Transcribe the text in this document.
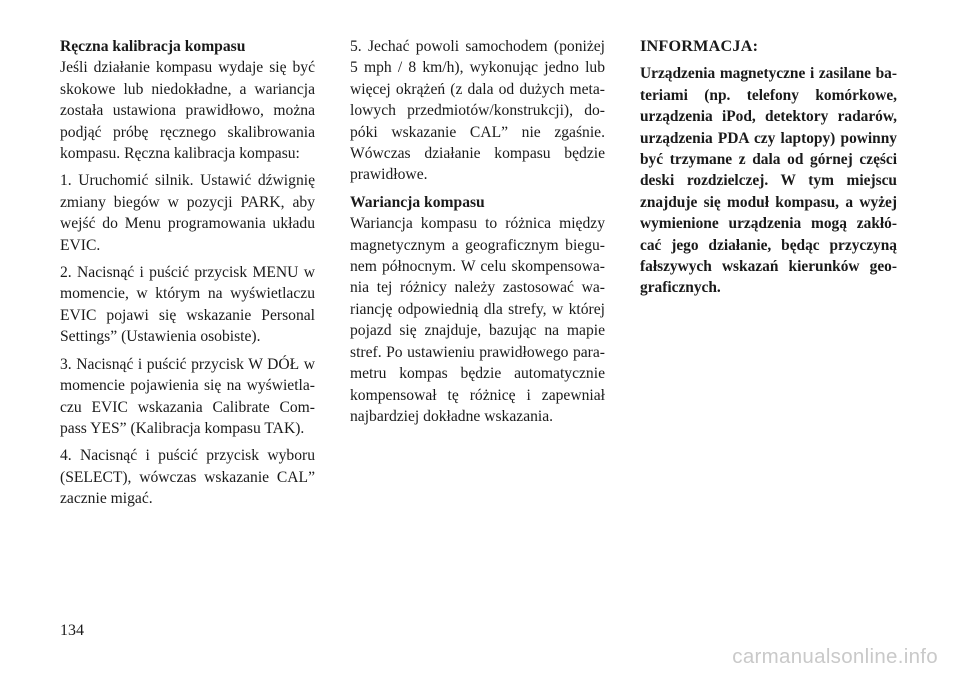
Ręczna kalibracja kompasu
Jeśli działanie kompasu wydaje się być skokowe lub niedokładne, a wariancja została ustawiona prawidłowo, można podjąć próbę ręcznego skalibrowania kompasu. Ręczna kalibracja kompasu:

1. Uruchomić silnik. Ustawić dźwignię zmiany biegów w pozycji PARK, aby wejść do Menu programowania układu EVIC.

2. Nacisnąć i puścić przycisk MENU w momencie, w którym na wyświetlaczu EVIC pojawi się wskazanie Personal Settings” (Ustawienia osobiste).

3. Nacisnąć i puścić przycisk W DÓŁ w momencie pojawienia się na wyświetla-czu EVIC wskazania Calibrate Com-pass YES” (Kalibracja kompasu TAK).

4. Nacisnąć i puścić przycisk wyboru (SELECT), wówczas wskazanie CAL” zacznie migać.

5. Jechać powoli samochodem (poniżej 5 mph / 8 km/h), wykonując jedno lub więcej okrążeń (z dala od dużych meta-lowych przedmiotów/konstrukcji), do-póki wskazanie CAL” nie zgaśnie. Wówczas działanie kompasu będzie prawidłowe.

Wariancja kompasu
Wariancja kompasu to różnica między magnetycznym a geograficznym biegu-nem północnym. W celu skompensowa-nia tej różnicy należy zastosować wa-riancję odpowiednią dla strefy, w której pojazd się znajduje, bazując na mapie stref. Po ustawieniu prawidłowego para-metru kompas będzie automatycznie kompensował tę różnicę i zapewniał najbardziej dokładne wskazania.

INFORMACJA:

Urządzenia magnetyczne i zasilane ba-teriami (np. telefony komórkowe, urządzenia iPod, detektory radarów, urządzenia PDA czy laptopy) powinny być trzymane z dala od górnej części deski rozdzielczej. W tym miejscu znajduje się moduł kompasu, a wyżej wymienione urządzenia mogą zakłó-cać jego działanie, będąc przyczyną fałszywych wskazań kierunków geo-graficznych.

134
carmanualsonline.info
